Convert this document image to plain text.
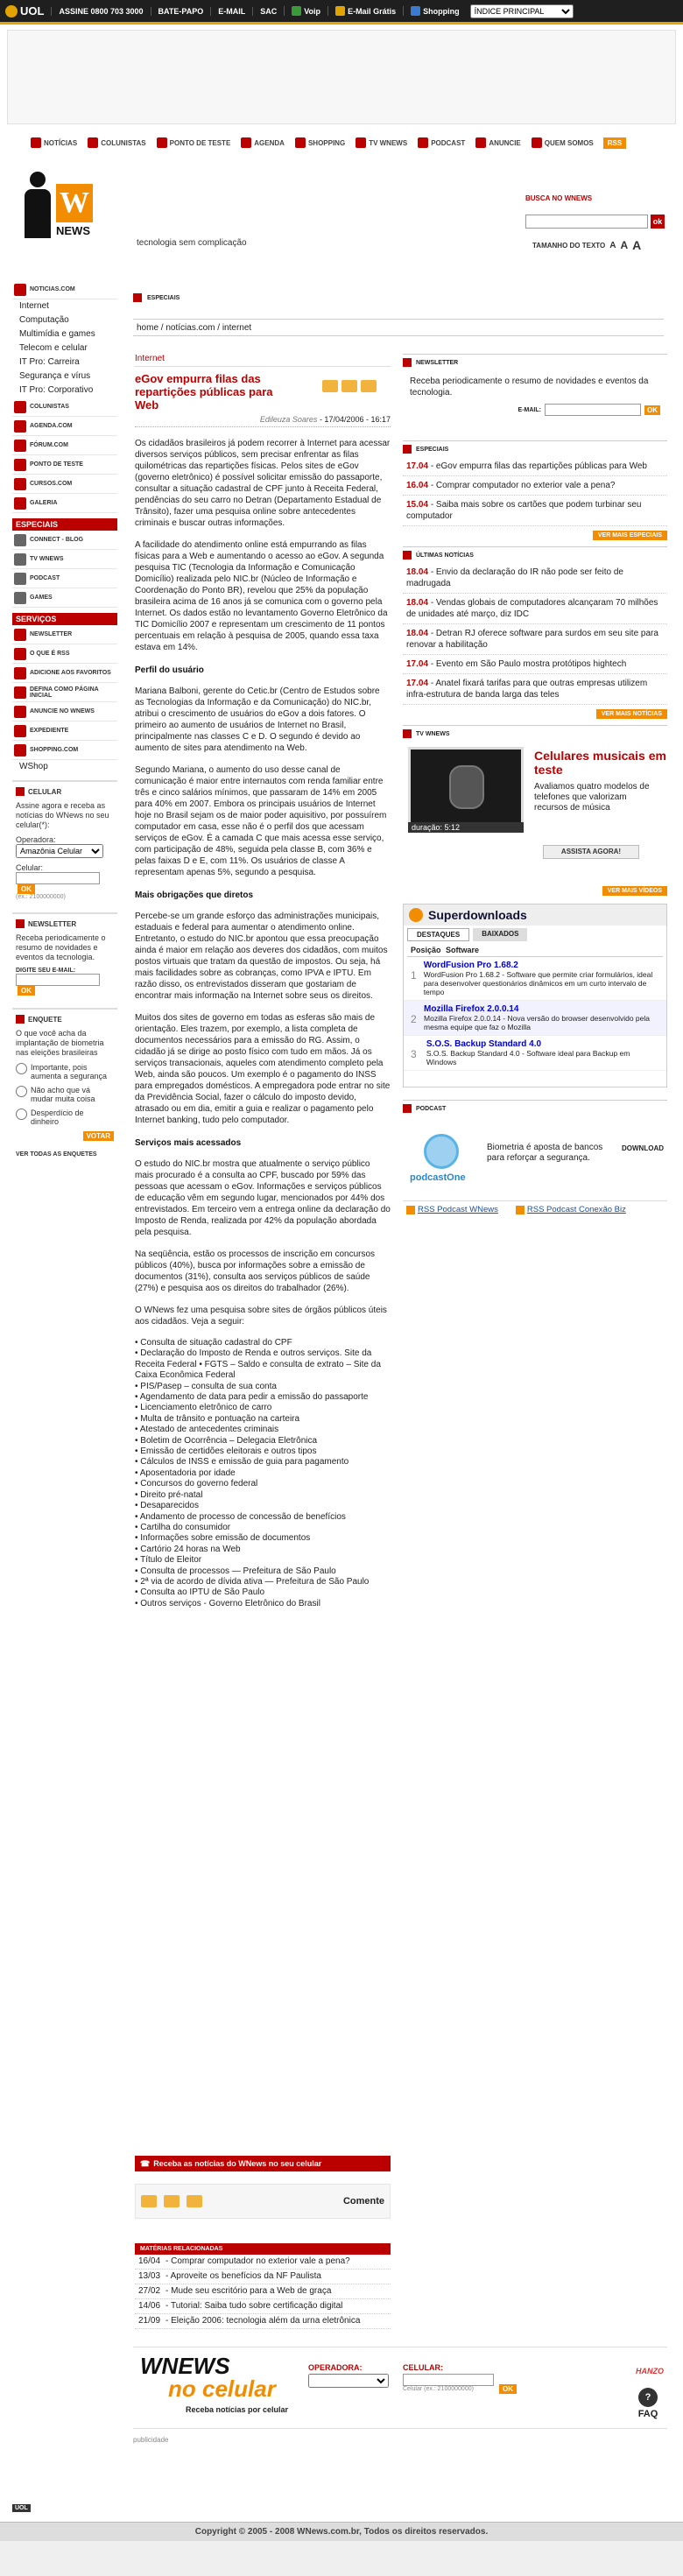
UOL	ASSINE 0800 703 3000	BATE-PAPO	E-MAIL	SAC	Voip	E-Mail Grátis	Shopping
ÍNDICE PRINCIPAL
NOTÍCIAS	COLUNISTAS	PONTO DE TESTE	AGENDA	SHOPPING	TV WNEWS	PODCAST	ANUNCIE	QUEM SOMOS	RSS
W
NEWS
tecnologia sem complicação
BUSCA NO WNEWS
ok
TAMANHO DO TEXTO A A A
NOTICIAS.COM
Internet
Computação
Multimídia e games
Telecom e celular
IT Pro: Carreira
Segurança e vírus
IT Pro: Corporativo
COLUNISTAS
AGENDA.COM
FÓRUM.COM
PONTO DE TESTE
CURSOS.COM
GALERIA
ESPECIAIS
CONNECT - BLOG
TV WNEWS
PODCAST
GAMES
SERVIÇOS
NEWSLETTER
O QUE É RSS
ADICIONE AOS FAVORITOS
DEFINA COMO PÁGINA INICIAL
ANUNCIE NO WNEWS
EXPEDIENTE
SHOPPING.COM
WShop
CELULAR
Assine agora e receba as notícias do WNews no seu celular(*):
Operadora:
Amazônia Celular
Celular:
OK
(ex.: 2100000000)
NEWSLETTER
Receba periodicamente o resumo de novidades e eventos da tecnologia.
DIGITE SEU E-MAIL:
OK
ENQUETE
O que você acha da implantação de biometria nas eleições brasileiras
Importante, pois aumenta a segurança
Não acho que vá mudar muita coisa
Desperdício de dinheiro
VOTAR
VER TODAS AS ENQUETES
ESPECIAIS
home / notícias.com / internet
Internet
eGov empurra filas das repartições públicas para Web
Edileuza Soares - 17/04/2006 - 16:17

Os cidadãos brasileiros já podem recorrer à Internet para acessar diversos serviços públicos, sem precisar enfrentar as filas quilométricas das repartições físicas. Pelos sites de eGov (governo eletrônico) é possível solicitar emissão do passaporte, consultar a situação cadastral de CPF junto à Receita Federal, pendências do seu carro no Detran (Departamento Estadual de Trânsito), fazer uma pesquisa online sobre antecedentes criminais e buscar outras informações.

A facilidade do atendimento online está empurrando as filas físicas para a Web e aumentando o acesso ao eGov. A segunda pesquisa TIC (Tecnologia da Informação e Comunicação Domicílio) realizada pelo NIC.br (Núcleo de Informação e Coordenação do Ponto BR), revelou que 25% da população brasileira acima de 16 anos já se comunica com o governo pela Internet. Os dados estão no levantamento Governo Eletrônico da TIC Domicílio 2007 e representam um crescimento de 11 pontos percentuais em relação à pesquisa de 2005, quando essa taxa estava em 14%.

Perfil do usuário

Mariana Balboni, gerente do Cetic.br (Centro de Estudos sobre as Tecnologias da Informação e da Comunicação) do NIC.br, atribui o crescimento de usuários do eGov a dois fatores. O primeiro ao aumento de usuários de Internet no Brasil, principalmente nas classes C e D. O segundo é devido ao aumento de sites para atendimento na Web.

Segundo Mariana, o aumento do uso desse canal de comunicação é maior entre internautos com renda familiar entre três e cinco salários mínimos, que passaram de 14% em 2005 para 40% em 2007. Embora os principais usuários de Internet hoje no Brasil sejam os de maior poder aquisitivo, por possuírem computador em casa, esse não é o perfil dos que acessam serviços de eGov. É a camada C que mais acessa esse serviço, com participação de 48%, seguida pela classe B, com 36% e pelas faixas D e E, com 11%. Os usuários de classe A representam apenas 5%, segundo a pesquisa.

Mais obrigações que diretos

Percebe-se um grande esforço das administrações municipais, estaduais e federal para aumentar o atendimento online. Entretanto, o estudo do NIC.br apontou que essa preocupação ainda é maior em relação aos deveres dos cidadãos, com muitos postos virtuais que tratam da questão de impostos. Ou seja, há mais facilidades sobre as cobranças, como IPVA e IPTU. Em razão disso, os entrevistados disseram que gostariam de encontrar mais informação na Internet sobre seus os direitos.

Muitos dos sites de governo em todas as esferas são mais de orientação. Eles trazem, por exemplo, a lista completa de documentos necessários para a emissão do RG. Assim, o cidadão já se dirige ao posto físico com tudo em mãos. Já os serviços transacionais, aqueles com atendimento completo pela Web, ainda são poucos. Um exemplo é o pagamento do INSS para empregados domésticos. A empregadora pode entrar no site da Previdência Social, fazer o cálculo do imposto devido, atrasado ou em dia, emitir a guia e realizar o pagamento pelo Internet banking, tudo pelo computador.

Serviços mais acessados

O estudo do NIC.br mostra que atualmente o serviço público mais procurado é a consulta ao CPF, buscado por 59% das pessoas que acessam o eGov. Informações e serviços públicos de educação vêm em segundo lugar, mencionados por 44% dos entrevistados. Em terceiro vem a entrega online da declaração do Imposto de Renda, realizada por 42% da população abordada pela pesquisa.

Na seqüência, estão os processos de inscrição em concursos públicos (40%), busca por informações sobre a emissão de documentos (31%), consulta aos serviços públicos de saúde (27%) e pesquisa aos os direitos do trabalhador (26%).

O WNews fez uma pesquisa sobre sites de órgãos públicos úteis aos cidadãos. Veja a seguir:

• Consulta de situação cadastral do CPF
• Declaração do Imposto de Renda e outros serviços. Site da Receita Federal • FGTS – Saldo e consulta de extrato – Site da Caixa Econômica Federal
• PIS/Pasep – consulta de sua conta
• Agendamento de data para pedir a emissão do passaporte
• Licenciamento eletrônico de carro
• Multa de trânsito e pontuação na carteira
• Atestado de antecedentes criminais
• Boletim de Ocorrência – Delegacia Eletrônica
• Emissão de certidões eleitorais e outros tipos
• Cálculos de INSS e emissão de guia para pagamento
• Aposentadoria por idade
• Concursos do governo federal
• Direito pré-natal
• Desaparecidos
• Andamento de processo de concessão de benefícios
• Cartilha do consumidor
• Informações sobre emissão de documentos
• Cartório 24 horas na Web
• Título de Eleitor
• Consulta de processos — Prefeitura de São Paulo
• 2ª via de acordo de dívida ativa — Prefeitura de São Paulo
• Consulta ao IPTU de São Paulo
• Outros serviços - Governo Eletrônico do Brasil
☎ Receba as notícias do WNews no seu celular
Comente
MATÉRIAS RELACIONADAS
16/04 - Comprar computador no exterior vale a pena?
13/03 - Aproveite os benefícios da NF Paulista
27/02 - Mude seu escritório para a Web de graça
14/06 - Tutorial: Saiba tudo sobre certificação digital
21/09 - Eleição 2006: tecnologia além da urna eletrônica
NEWSLETTER
Receba periodicamente o resumo de novidades e eventos da tecnologia.
E-MAIL:	OK
ESPECIAIS
17.04 - eGov empurra filas das repartições públicas para Web
16.04 - Comprar computador no exterior vale a pena?
15.04 - Saiba mais sobre os cartões que podem turbinar seu computador
VER MAIS ESPECIAIS
ÚLTIMAS NOTÍCIAS
18.04 - Envio da declaração do IR não pode ser feito de madrugada
18.04 - Vendas globais de computadores alcançaram 70 milhões de unidades até março, diz IDC
18.04 - Detran RJ oferece software para surdos em seu site para renovar a habilitação
17.04 - Evento em São Paulo mostra protótipos hightech
17.04 - Anatel fixará tarifas para que outras empresas utilizem infra-estrutura de banda larga das teles
VER MAIS NOTÍCIAS
TV WNEWS
duração: 5:12
Celulares musicais em teste
Avaliamos quatro modelos de telefones que valorizam recursos de música
ASSISTA AGORA!
VER MAIS VÍDEOS
Superdownloads
DESTAQUES	BAIXADOS
Posição Software
1
WordFusion Pro 1.68.2
WordFusion Pro 1.68.2 - Software que permite criar formulários, ideal para desenvolver questionários dinâmicos em um curto intervalo de tempo
2
Mozilla Firefox 2.0.0.14
Mozilla Firefox 2.0.0.14 - Nova versão do browser desenvolvido pela mesma equipe que faz o Mozilla
3
S.O.S. Backup Standard 4.0
S.O.S. Backup Standard 4.0 - Software ideal para Backup em Windows
PODCAST
podcastOne
Biometria é aposta de bancos para reforçar a segurança.
DOWNLOAD
RSS Podcast WNews	RSS Podcast Conexão Biz
WNEWS
no celular
Receba notícias por celular
OPERADORA:	CELULAR:
Celular (ex.: 2100000000)	OK
HANZO
?
FAQ
publicidade
UOL
Copyright © 2005 - 2008 WNews.com.br, Todos os direitos reservados.
